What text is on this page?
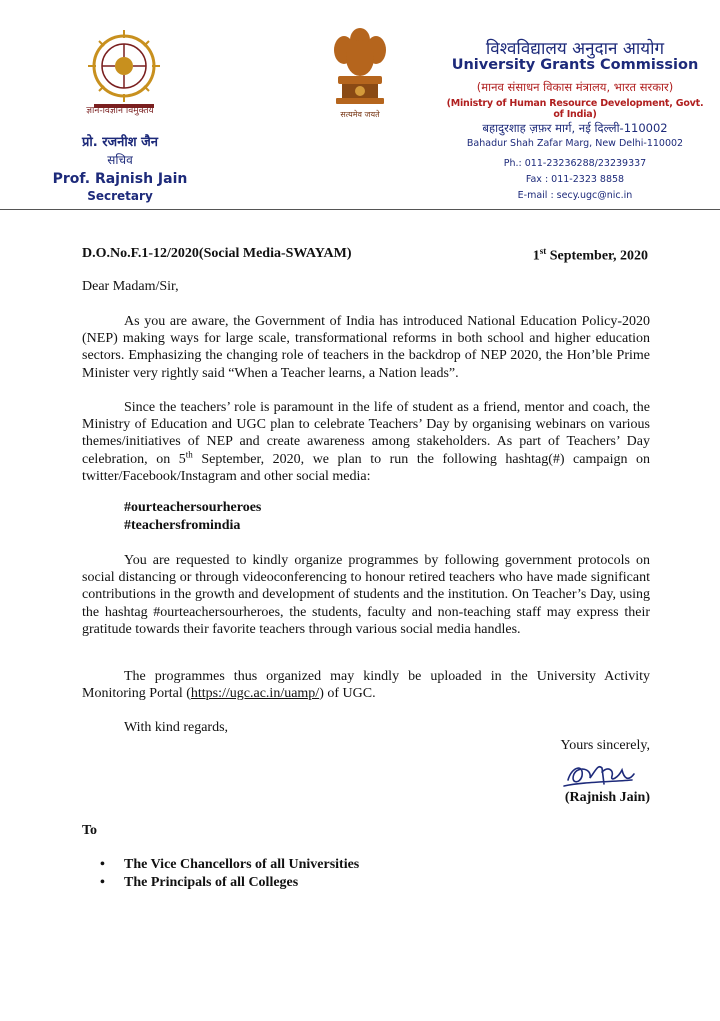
ज्ञान-विज्ञान विमुक्तये	सत्यमेव जयते
प्रो. रजनीश जैन
सचिव
Prof. Rajnish Jain
Secretary
विश्वविद्यालय अनुदान आयोग
University Grants Commission
(मानव संसाधन विकास मंत्रालय, भारत सरकार)
(Ministry of Human Resource Development, Govt. of India)
बहादुरशाह ज़फ़र मार्ग, नई दिल्ली-110002
Bahadur Shah Zafar Marg, New Delhi-110002
Ph.: 011-23236288/23239337
Fax : 011-2323 8858
E-mail : secy.ugc@nic.in
D.O.No.F.1-12/2020(Social Media-SWAYAM)	1st September, 2020
Dear Madam/Sir,

As you are aware, the Government of India has introduced National Education Policy-2020 (NEP) making ways for large scale, transformational reforms in both school and higher education sectors. Emphasizing the changing role of teachers in the backdrop of NEP 2020, the Hon’ble Prime Minister very rightly said “When a Teacher learns, a Nation leads”.

Since the teachers’ role is paramount in the life of student as a friend, mentor and coach, the Ministry of Education and UGC plan to celebrate Teachers’ Day by organising webinars on various themes/initiatives of NEP and create awareness among stakeholders. As part of Teachers’ Day celebration, on 5th September, 2020, we plan to run the following hashtag(#) campaign on twitter/Facebook/Instagram and other social media:

#ourteachersourheroes
#teachersfromindia

You are requested to kindly organize programmes by following government protocols on social distancing or through videoconferencing to honour retired teachers who have made significant contributions in the growth and development of students and the institution. On Teacher’s Day, using the hashtag #ourteachersourheroes, the students, faculty and non-teaching staff may express their gratitude towards their favorite teachers through various social media handles.

The programmes thus organized may kindly be uploaded in the University Activity Monitoring Portal (https://ugc.ac.in/uamp/) of UGC.

With kind regards,
Yours sincerely,
(Rajnish Jain)
To
• The Vice Chancellors of all Universities
• The Principals of all Colleges
